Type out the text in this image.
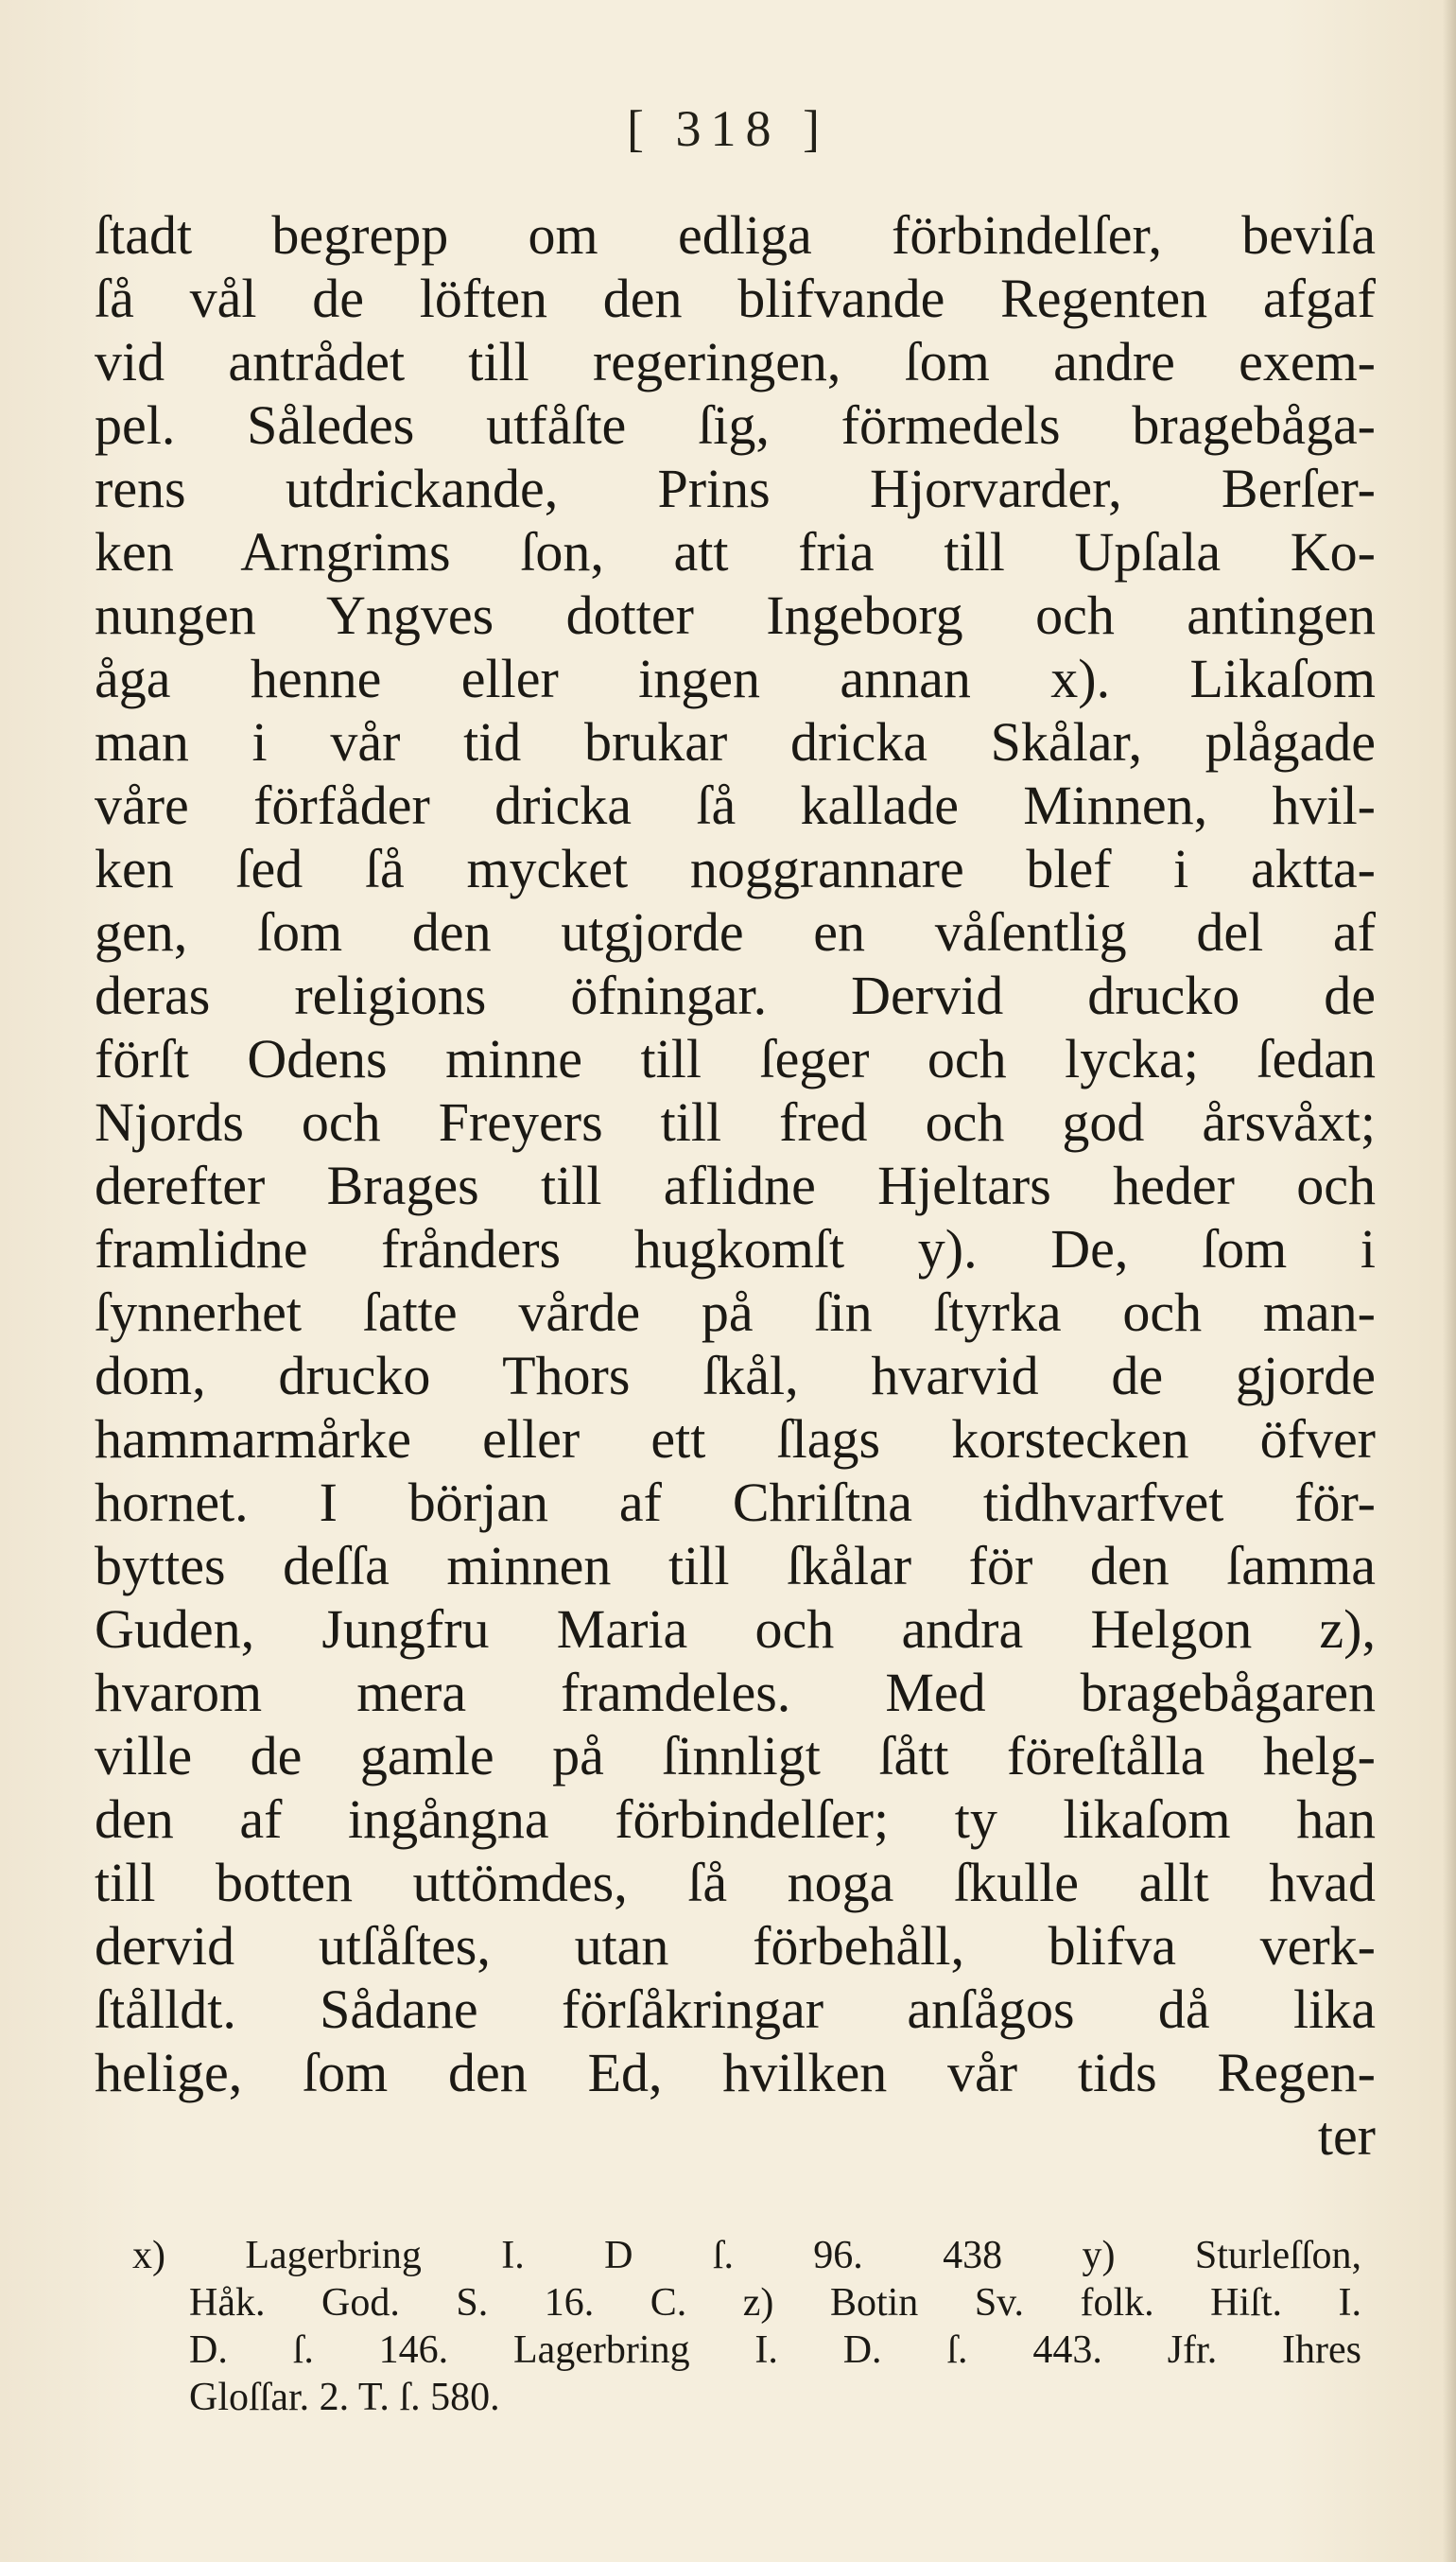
[ 318 ]
ſtadt begrepp om edliga förbindelſer, beviſa
ſå vål de löften den blifvande Regenten afgaf
vid antrådet till regeringen, ſom andre exem-
pel. Således utfåſte ſig, förmedels bragebåga-
rens utdrickande, Prins Hjorvarder, Berſer-
ken Arngrims ſon, att fria till Upſala Ko-
nungen Yngves dotter Ingeborg och antingen
åga henne eller ingen annan x). Likaſom
man i vår tid brukar dricka Skålar, plågade
våre förfåder dricka ſå kallade Minnen, hvil-
ken ſed ſå mycket noggrannare blef i aktta-
gen, ſom den utgjorde en våſentlig del af
deras religions öfningar. Dervid drucko de
förſt Odens minne till ſeger och lycka; ſedan
Njords och Freyers till fred och god årsvåxt;
derefter Brages till aflidne Hjeltars heder och
framlidne frånders hugkomſt y). De, ſom i
ſynnerhet ſatte vårde på ſin ſtyrka och man-
dom, drucko Thors ſkål, hvarvid de gjorde
hammarmårke eller ett ſlags korstecken öfver
hornet. I början af Chriſtna tidhvarfvet för-
byttes deſſa minnen till ſkålar för den ſamma
Guden, Jungfru Maria och andra Helgon z),
hvarom mera framdeles. Med bragebågaren
ville de gamle på ſinnligt ſått föreſtålla helg-
den af ingångna förbindelſer; ty likaſom han
till botten uttömdes, ſå noga ſkulle allt hvad
dervid utſåſtes, utan förbehåll, blifva verk-
ſtålldt. Sådane förſåkringar anſågos då lika
helige, ſom den Ed, hvilken vår tids Regen-
ter
x) Lagerbring I. D ſ. 96. 438 y) Sturleſſon,
Håk. God. S. 16. C. z) Botin Sv. folk. Hiſt. I.
D. ſ. 146. Lagerbring I. D. ſ. 443. Jfr. Ihres
Gloſſar. 2. T. ſ. 580.
